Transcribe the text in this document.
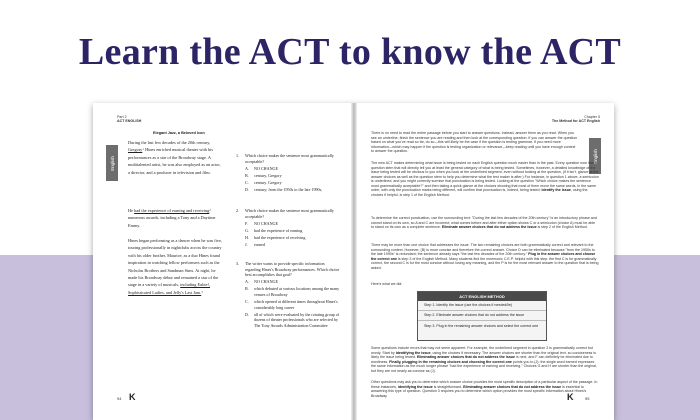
Learn the ACT to know the ACT
Part 2
ACT ENGLISH
English
Elegant Jazz, a Beloved Icon
During the last few decades of the 20th century, Gregory$^1$ Hines enriched musical theater with his performances as a star of the Broadway stage. A multitalented artist, he was also employed as an actor, a director, and a producer in television and film.
He had the experience of earning and receiving$^2$ numerous awards, including a Tony and a Daytime Emmy.
Hines began performing as a dancer when he was five, touring professionally in nightclubs across the country with his older brother, Maurice; as a duo Hines found inspiration in watching fellow performers such as the Nicholas Brothers and Sandman Sims. At night, he made his Broadway debut and remained a star of the stage in a variety of musicals, including Eubie!, Sophisticated Ladies, and Jelly's Last Jam.$^3$
1.	Which choice makes the sentence most grammatically acceptable?
A.	NO CHANGE
B.	century, Gregory
C.	century. Gregory
D.	century; from the 1950s to the late 1990s,
2.	Which choice makes the sentence most grammatically acceptable?
F.	NO CHANGE
G.	had the experience of earning
H.	had the experience of receiving
J.	earned
3.	The writer wants to provide specific information regarding Hines's Broadway performances. Which choice best accomplishes that goal?
A.	NO CHANGE
B.	which debuted at various locations among the many venues of Broadway
C.	which opened at different times throughout Hines's considerably long career
D.	all of which were evaluated by the rotating group of dozens of theater professionals who are selected by The Tony Awards Administration Committee
94 K
Chapter 5
The Method for ACT English
English
There is no need to read the entire passage before you start to answer questions. Instead, answer them as you read. When you see an underline, finish the sentence you are reading and then look at the corresponding question. If you can answer the question based on what you've read so far, do so—this will likely be the case if the question is testing grammar. If you need more information—which may happen if the question is testing organization or relevance—keep reading until you have enough context to answer the question.
The new ACT makes determining what issue is being tested on each English question much easier than in the past. Every question now has a question stem that will directly tell you at least the general category of what is being tested. Sometimes, however, a detailed knowledge of the issue being tested will be obvious to you when you look at the underlined segment, even without looking at the question, (if it isn't, glance at the answer choices as well as the question stem to help you determine what the test maker is after.) For instance, in question 1 above, a semicolon is underlined, and you might correctly surmise that punctuation is being tested. Looking at the question "Which choice makes the sentence most grammatically acceptable?" and then taking a quick glance at the choices showing that most of them move the same words, in the same order, with only the punctuation marks being different, will confirm that punctuation is, indeed, being tested: Identify the issue, using the choices if helpful, is step 1 of the English Method.
To determine the correct punctuation, use the surrounding text: "During the last few decades of the 20th century" is an introductory phrase and cannot stand on its own, so A and C are incorrect; what comes before and after either option shows C or a semicolon (choice A) must be able to stand on its own as a complete sentence. Eliminate answer choices that do not address the issue is step 2 of the English Method.
There may be more than one choice that addresses the issue. The two remaining choices are both grammatically correct and relevant to the surrounding context. However, (B) is more concise and therefore the correct answer. Choice D can be eliminated because "from the 1950s to the late 1990s" is redundant; the sentence already says "the last few decades of the 20th century." Plug in the answer choices and choose the correct one is step 3 of the English Method. Many students find the mnemonic C.E.P. helpful with this step: the first C is for grammatically correct, the second C is for the most concise without losing any meaning, and the P is for the most relevant answer to the question that is being asked.
Here's what we did:
ACT ENGLISH METHOD
Step 1. Identify the issue (use the choices if needed/lie)
Step 2. Eliminate answer choices that do not address the issue
Step 3. Plug in the remaining answer choices and select the correct one
Some questions include errors that may not seem apparent. For example, the underlined segment in question 3 is grammatically correct but wordy. Start by identifying the issue, using the choices if necessary. The answer choices are shorter than the original text, so conciseness is likely the issue being tested. Eliminating answer choices that do not address the issue is next, and F can definitely be eliminated due to wordiness. Finally, plugging in the remaining choices and choosing the correct one points you to (J): the single word earned expresses the same information as the much longer phrase "had the experience of earning and receiving." Choices G and H are shorter than the original, but they are not nearly as concise as (J).
Other questions may ask you to determine which answer choice provides the most specific description of a particular aspect of the passage. In these instances, identifying the issue is straightforward. Eliminating answer choices that do not address the issue is essential to answering this type of question. Question 3 requires you to determine which option provides the most specific information about Hines's Broadway	K	95
